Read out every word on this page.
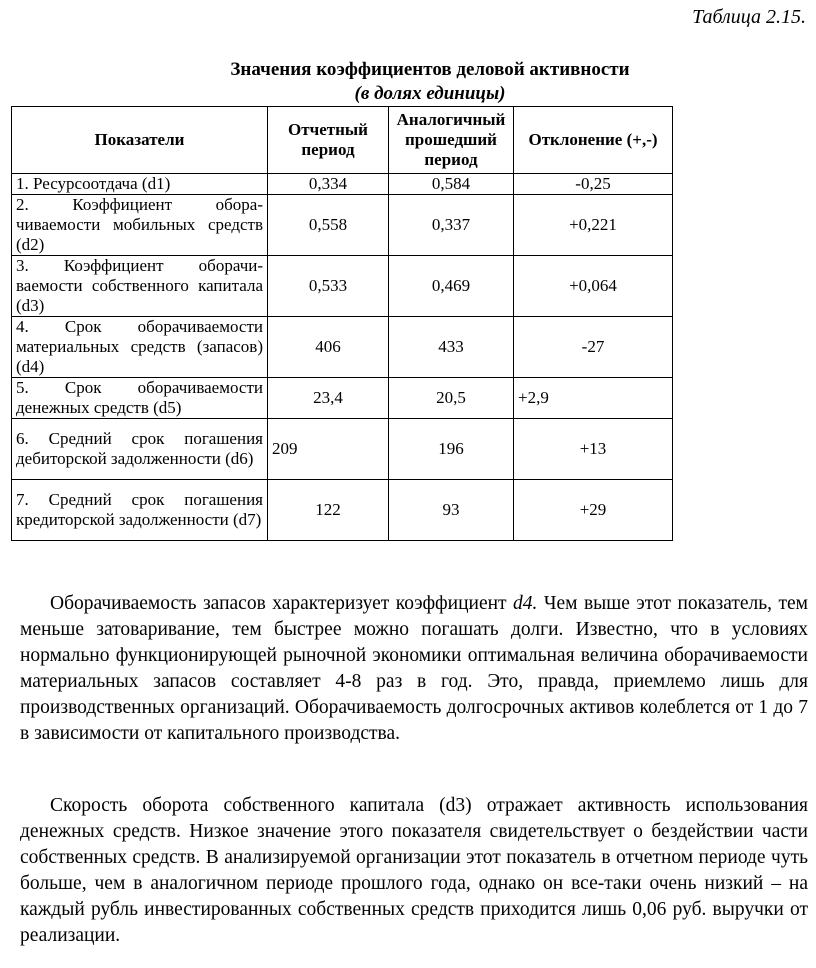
Таблица 2.15.
Значения коэффициентов деловой активности
(в долях единицы)
Показатели	Отчетный период	Аналогичный прошедший период	Отклонение (+,-)
1. Ресурсоотдача (d1)	0,334	0,584	-0,25
2. Коэффициент обора-чиваемости мобильных средств (d2)	0,558	0,337	+0,221
3. Коэффициент оборачи-ваемости собственного капитала (d3)	0,533	0,469	+0,064
4. Срок оборачиваемости материальных средств (запасов) (d4)	406	433	-27
5. Срок оборачиваемости денежных средств (d5)	23,4	20,5	+2,9
6. Средний срок погашения дебиторской задолженности (d6)	209	196	+13
7. Средний срок погашения кредиторской задолженности (d7)	122	93	+29

Оборачиваемость запасов характеризует коэффициент d4. Чем выше этот показатель, тем меньше затоваривание, тем быстрее можно погашать долги. Известно, что в условиях нормально функционирующей рыночной экономики оптимальная величина оборачиваемости материальных запасов составляет 4-8 раз в год. Это, правда, приемлемо лишь для производственных организаций. Оборачиваемость долгосрочных активов колеблется от 1 до 7 в зависимости от капитального производства.

Скорость оборота собственного капитала (d3) отражает активность использования денежных средств. Низкое значение этого показателя свидетельствует о бездействии части собственных средств. В анализируемой организации этот показатель в отчетном периоде чуть больше, чем в аналогичном периоде прошлого года, однако он все-таки очень низкий – на каждый рубль инвестированных собственных средств приходится лишь 0,06 руб. выручки от реализации.
